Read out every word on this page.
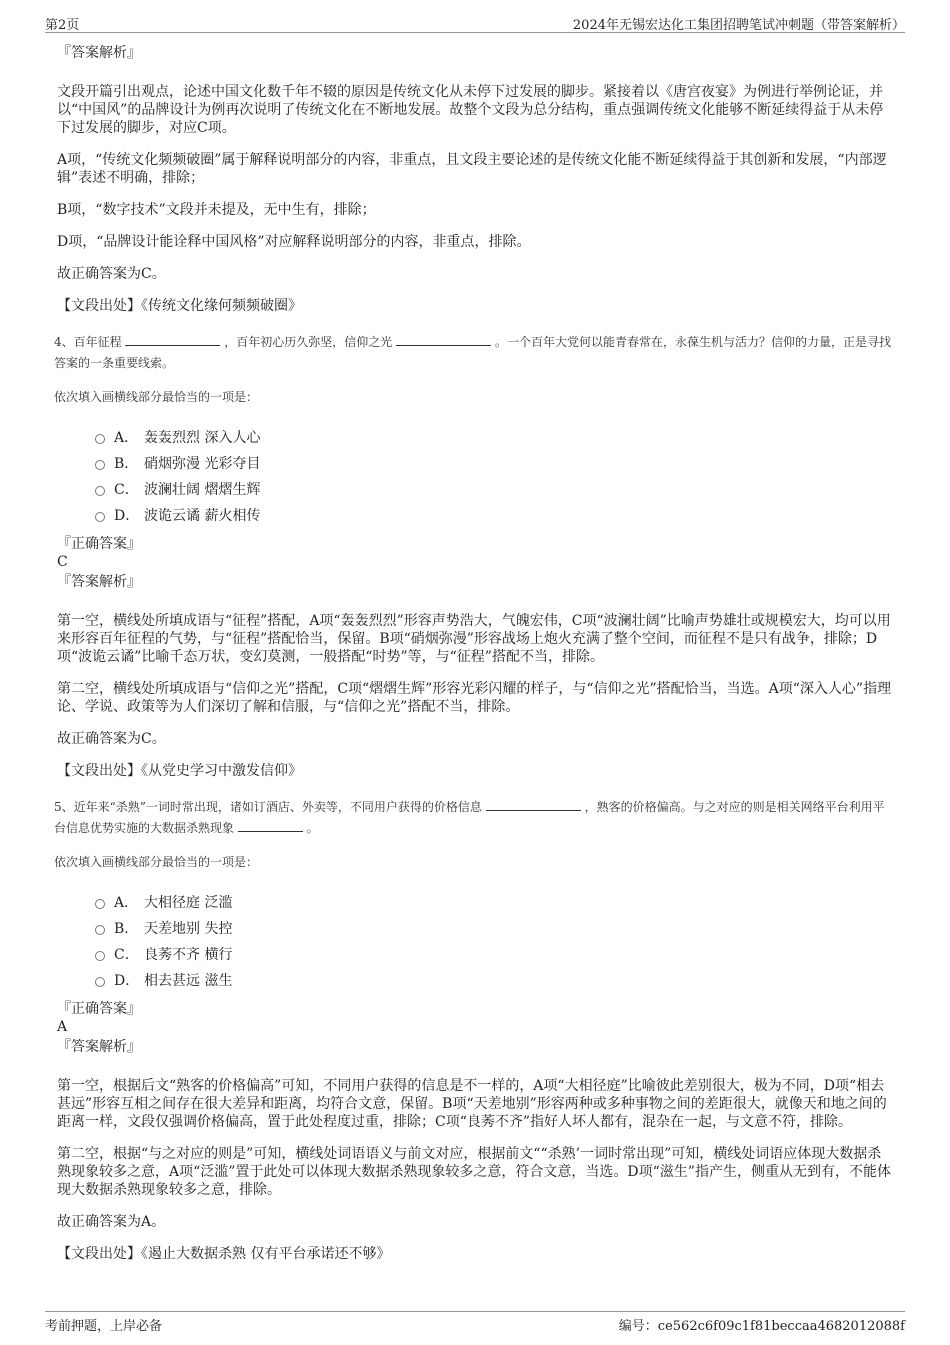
第2页	2024年无锡宏达化工集团招聘笔试冲刺题（带答案解析）
『答案解析』

文段开篇引出观点，论述中国文化数千年不辍的原因是传统文化从未停下过发展的脚步。紧接着以《唐宫夜宴》为例进行举例论证，并以“中国风”的品牌设计为例再次说明了传统文化在不断地发展。故整个文段为总分结构，重点强调传统文化能够不断延续得益于从未停下过发展的脚步，对应C项。

A项，“传统文化频频破圈”属于解释说明部分的内容，非重点，且文段主要论述的是传统文化能不断延续得益于其创新和发展，“内部逻辑”表述不明确，排除；

B项，“数字技术”文段并未提及，无中生有，排除；

D项，“品牌设计能诠释中国风格”对应解释说明部分的内容，非重点，排除。

故正确答案为C。

【文段出处】《传统文化缘何频频破圈》

4、百年征程	，百年初心历久弥坚，信仰之光	。一个百年大党何以能青春常在，永葆生机与活力？信仰的力量，正是寻找答案的一条重要线索。
依次填入画横线部分最恰当的一项是：
A． 轰轰烈烈 深入人心
B． 硝烟弥漫 光彩夺目
C． 波澜壮阔 熠熠生辉
D． 波诡云谲 薪火相传
『正确答案』
C
『答案解析』

第一空，横线处所填成语与“征程”搭配，A项“轰轰烈烈”形容声势浩大，气魄宏伟，C项“波澜壮阔”比喻声势雄壮或规模宏大，均可以用来形容百年征程的气势，与“征程”搭配恰当，保留。B项“硝烟弥漫”形容战场上炮火充满了整个空间，而征程不是只有战争，排除；D项“波诡云谲”比喻千态万状，变幻莫测，一般搭配“时势”等，与“征程”搭配不当，排除。

第二空，横线处所填成语与“信仰之光”搭配，C项“熠熠生辉”形容光彩闪耀的样子，与“信仰之光”搭配恰当，当选。A项“深入人心”指理论、学说、政策等为人们深切了解和信服，与“信仰之光”搭配不当，排除。

故正确答案为C。

【文段出处】《从党史学习中激发信仰》

5、近年来“杀熟”一词时常出现，诸如订酒店、外卖等，不同用户获得的价格信息	，熟客的价格偏高。与之对应的则是相关网络平台利用平台信息优势实施的大数据杀熟现象	。
依次填入画横线部分最恰当的一项是：
A． 大相径庭 泛滥
B． 天差地别 失控
C． 良莠不齐 横行
D． 相去甚远 滋生
『正确答案』
A
『答案解析』

第一空，根据后文“熟客的价格偏高”可知，不同用户获得的信息是不一样的，A项“大相径庭”比喻彼此差别很大，极为不同，D项“相去甚远”形容互相之间存在很大差异和距离，均符合文意，保留。B项“天差地别”形容两种或多种事物之间的差距很大，就像天和地之间的距离一样，文段仅强调价格偏高，置于此处程度过重，排除；C项“良莠不齐”指好人坏人都有，混杂在一起，与文意不符，排除。

第二空，根据“与之对应的则是”可知，横线处词语语义与前文对应，根据前文““杀熟’一词时常出现”可知，横线处词语应体现大数据杀熟现象较多之意，A项“泛滥”置于此处可以体现大数据杀熟现象较多之意，符合文意，当选。D项“滋生”指产生，侧重从无到有，不能体现大数据杀熟现象较多之意，排除。

故正确答案为A。

【文段出处】《遏止大数据杀熟 仅有平台承诺还不够》

考前押题，上岸必备	编号：ce562c6f09c1f81beccaa4682012088f
